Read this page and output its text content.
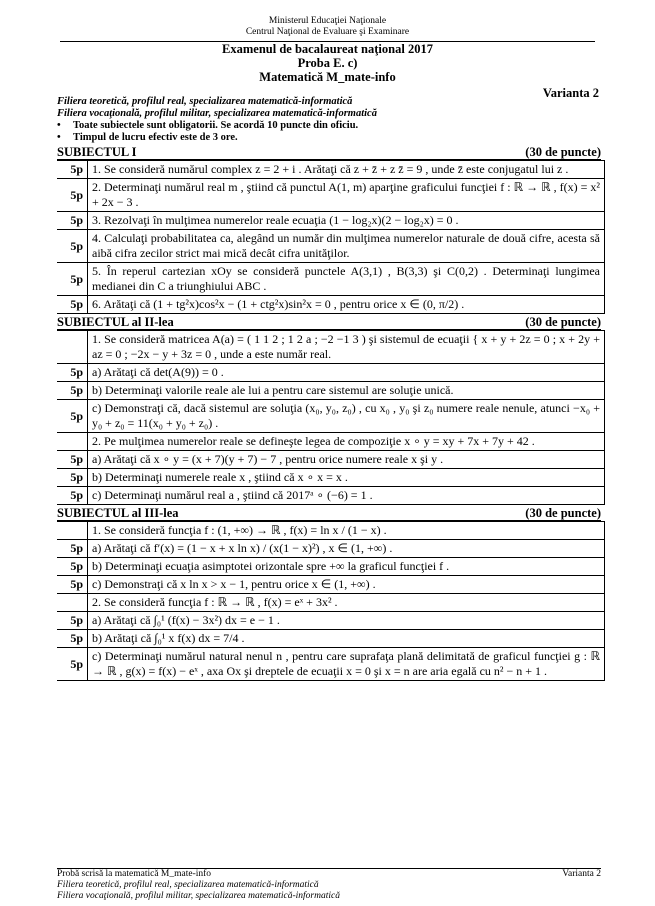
Ministerul Educaţiei Naţionale
Centrul Naţional de Evaluare şi Examinare
Examenul de bacalaureat naţional 2017
Proba E. c)
Matematică M_mate-info
Varianta 2
Filiera teoretică, profilul real, specializarea matematică-informatică
Filiera vocaţională, profilul militar, specializarea matematică-informatică
• Toate subiectele sunt obligatorii. Se acordă 10 puncte din oficiu.
• Timpul de lucru efectiv este de 3 ore.
SUBIECTUL I	(30 de puncte)
5p	1. Se consideră numărul complex z = 2 + i . Arătaţi că z + z̄ + z z̄ = 9 , unde z̄ este conjugatul lui z .
5p	2. Determinaţi numărul real m , ştiind că punctul A(1, m) aparţine graficului funcţiei f : ℝ → ℝ , f(x) = x² + 2x − 3 .
5p	3. Rezolvaţi în mulţimea numerelor reale ecuaţia (1 − log₂x)(2 − log₂x) = 0 .
5p	4. Calculaţi probabilitatea ca, alegând un număr din mulţimea numerelor naturale de două cifre, acesta să aibă cifra zecilor strict mai mică decât cifra unităţilor.
5p	5. În reperul cartezian xOy se consideră punctele A(3,1) , B(3,3) şi C(0,2) . Determinaţi lungimea medianei din C a triunghiului ABC .
5p	6. Arătaţi că (1 + tg²x)cos²x − (1 + ctg²x)sin²x = 0 , pentru orice x ∈ (0, π/2) .
SUBIECTUL al II-lea	(30 de puncte)
	1. Se consideră matricea A(a) = ( 1 1 2 ; 1 2 a ; −2 −1 3 ) şi sistemul de ecuaţii { x + y + 2z = 0 ; x + 2y + az = 0 ; −2x − y + 3z = 0 , unde a este număr real.
5p	a) Arătaţi că det(A(9)) = 0 .
5p	b) Determinaţi valorile reale ale lui a pentru care sistemul are soluţie unică.
5p	c) Demonstraţi că, dacă sistemul are soluţia (x₀, y₀, z₀) , cu x₀ , y₀ şi z₀ numere reale nenule, atunci −x₀ + y₀ + z₀ = 11(x₀ + y₀ + z₀) .
	2. Pe mulţimea numerelor reale se defineşte legea de compoziţie x ∘ y = xy + 7x + 7y + 42 .
5p	a) Arătaţi că x ∘ y = (x + 7)(y + 7) − 7 , pentru orice numere reale x şi y .
5p	b) Determinaţi numerele reale x , ştiind că x ∘ x = x .
5p	c) Determinaţi numărul real a , ştiind că 2017ᵃ ∘ (−6) = 1 .
SUBIECTUL al III-lea	(30 de puncte)
	1. Se consideră funcţia f : (1, +∞) → ℝ , f(x) = ln x / (1 − x) .
5p	a) Arătaţi că f′(x) = (1 − x + x ln x) / (x(1 − x)²) , x ∈ (1, +∞) .
5p	b) Determinaţi ecuaţia asimptotei orizontale spre +∞ la graficul funcţiei f .
5p	c) Demonstraţi că x ln x > x − 1, pentru orice x ∈ (1, +∞) .
	2. Se consideră funcţia f : ℝ → ℝ , f(x) = eˣ + 3x² .
5p	a) Arătaţi că ∫₀¹ (f(x) − 3x²) dx = e − 1 .
5p	b) Arătaţi că ∫₀¹ x f(x) dx = 7/4 .
5p	c) Determinaţi numărul natural nenul n , pentru care suprafaţa plană delimitată de graficul funcţiei g : ℝ → ℝ , g(x) = f(x) − eˣ , axa Ox şi dreptele de ecuaţii x = 0 şi x = n are aria egală cu n² − n + 1 .
Probă scrisă la matematică M_mate-info	Varianta 2
Filiera teoretică, profilul real, specializarea matematică-informatică
Filiera vocaţională, profilul militar, specializarea matematică-informatică
